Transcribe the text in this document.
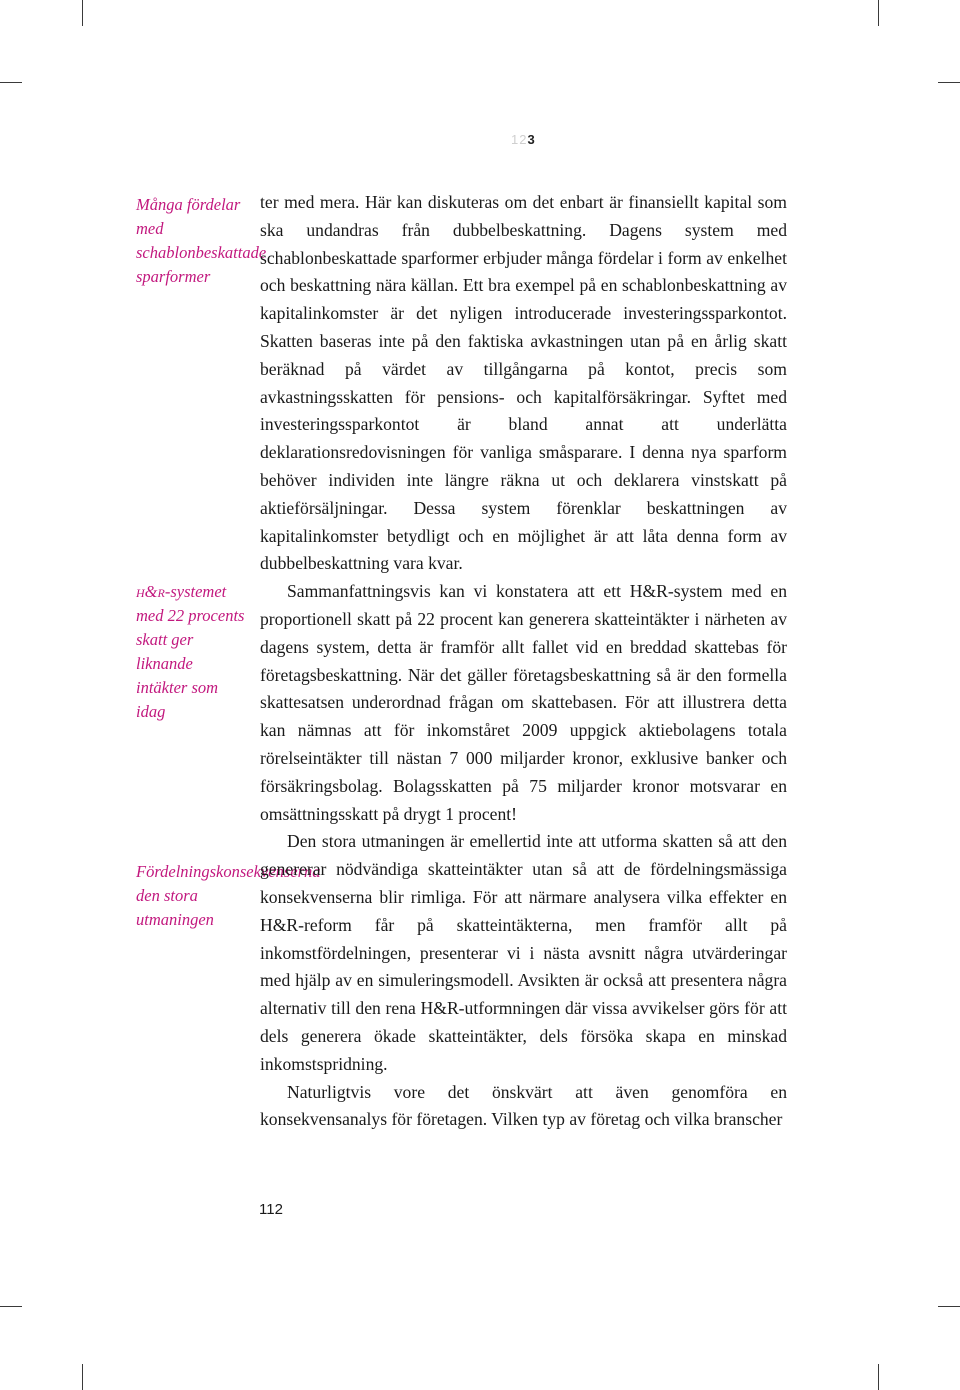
123
Många fördelar med schablonbeskattade sparformer
h&r-systemet med 22 procents skatt ger liknande intäkter som idag
Fördelningskonsekvenserna den stora utmaningen

ter med mera. Här kan diskuteras om det enbart är finansiellt kapital som ska undandras från dubbelbeskattning. Dagens system med schablonbeskattade sparformer erbjuder många fördelar i form av enkelhet och beskattning nära källan. Ett bra exempel på en schablonbeskattning av kapitalinkomster är det nyligen introducerade investeringssparkontot. Skatten baseras inte på den faktiska avkastningen utan på en årlig skatt beräknad på värdet av tillgångarna på kontot, precis som avkastningsskatten för pensions- och kapitalförsäkringar. Syftet med investeringssparkontot är bland annat att underlätta deklarationsredovisningen för vanliga småsparare. I denna nya sparform behöver individen inte längre räkna ut och deklarera vinstskatt på aktieförsäljningar. Dessa system förenklar beskattningen av kapitalinkomster betydligt och en möjlighet är att låta denna form av dubbelbeskattning vara kvar.

Sammanfattningsvis kan vi konstatera att ett H&R-system med en proportionell skatt på 22 procent kan generera skatteintäkter i närheten av dagens system, detta är framför allt fallet vid en breddad skattebas för företagsbeskattning. När det gäller företagsbeskattning så är den formella skattesatsen underordnad frågan om skattebasen. För att illustrera detta kan nämnas att för inkomståret 2009 uppgick aktiebolagens totala rörelseintäkter till nästan 7 000 miljarder kronor, exklusive banker och försäkringsbolag. Bolagsskatten på 75 miljarder kronor motsvarar en omsättningsskatt på drygt 1 procent!

Den stora utmaningen är emellertid inte att utforma skatten så att den genererar nödvändiga skatteintäkter utan så att de fördelningsmässiga konsekvenserna blir rimliga. För att närmare analysera vilka effekter en H&R-reform får på skatteintäkterna, men framför allt på inkomstfördelningen, presenterar vi i nästa avsnitt några utvärderingar med hjälp av en simuleringsmodell. Avsikten är också att presentera några alternativ till den rena H&R-utformningen där vissa avvikelser görs för att dels generera ökade skatteintäkter, dels försöka skapa en minskad inkomstspridning.

Naturligtvis vore det önskvärt att även genomföra en konsekvensanalys för företagen. Vilken typ av företag och vilka branscher

112
